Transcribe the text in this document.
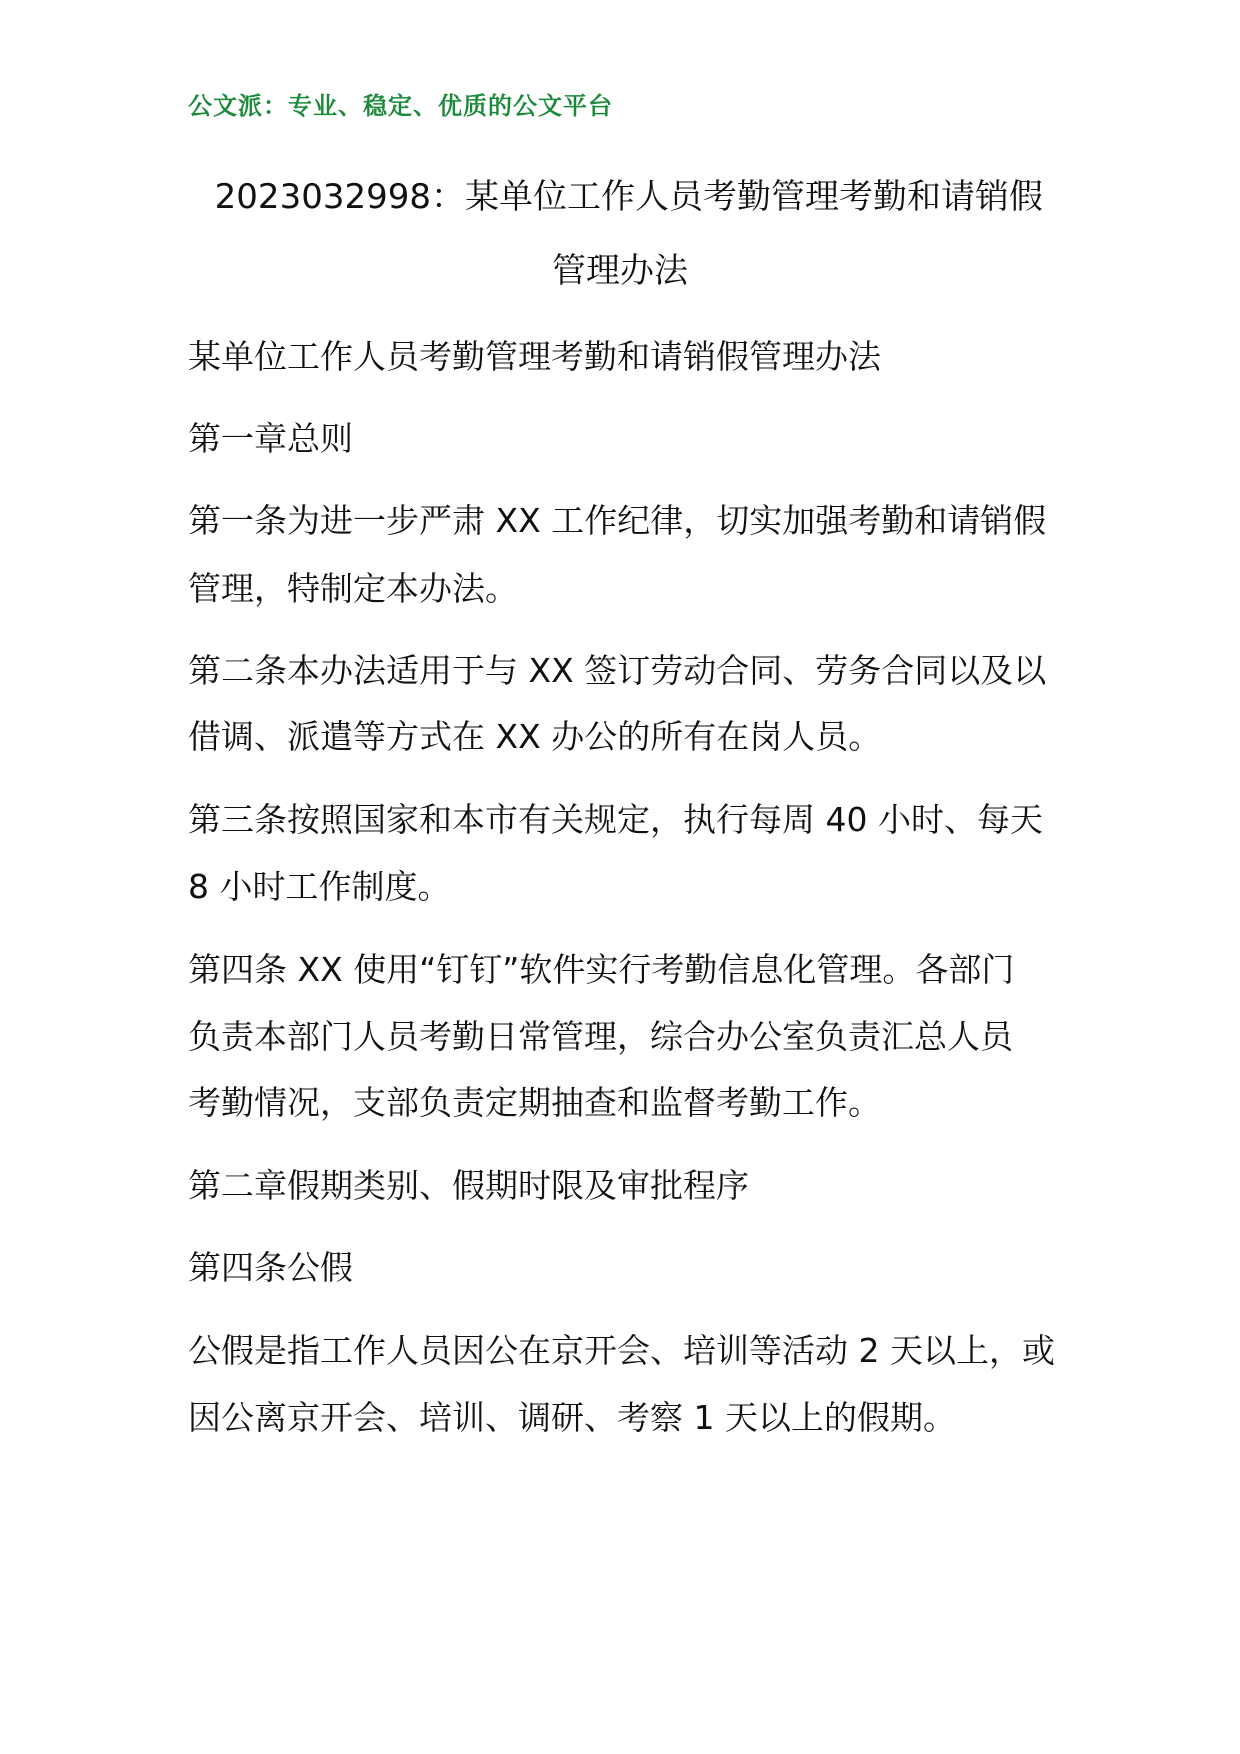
公文派：专业、稳定、优质的公文平台
2023032998：某单位工作人员考勤管理考勤和请销假
管理办法
某单位工作人员考勤管理考勤和请销假管理办法
第一章总则
第一条为进一步严肃 XX 工作纪律，切实加强考勤和请销假
管理，特制定本办法。
第二条本办法适用于与 XX 签订劳动合同、劳务合同以及以
借调、派遣等方式在 XX 办公的所有在岗人员。
第三条按照国家和本市有关规定，执行每周 40 小时、每天
8 小时工作制度。
第四条 XX 使用“钉钉”软件实行考勤信息化管理。各部门
负责本部门人员考勤日常管理，综合办公室负责汇总人员
考勤情况，支部负责定期抽查和监督考勤工作。
第二章假期类别、假期时限及审批程序
第四条公假
公假是指工作人员因公在京开会、培训等活动 2 天以上，或
因公离京开会、培训、调研、考察 1 天以上的假期。
